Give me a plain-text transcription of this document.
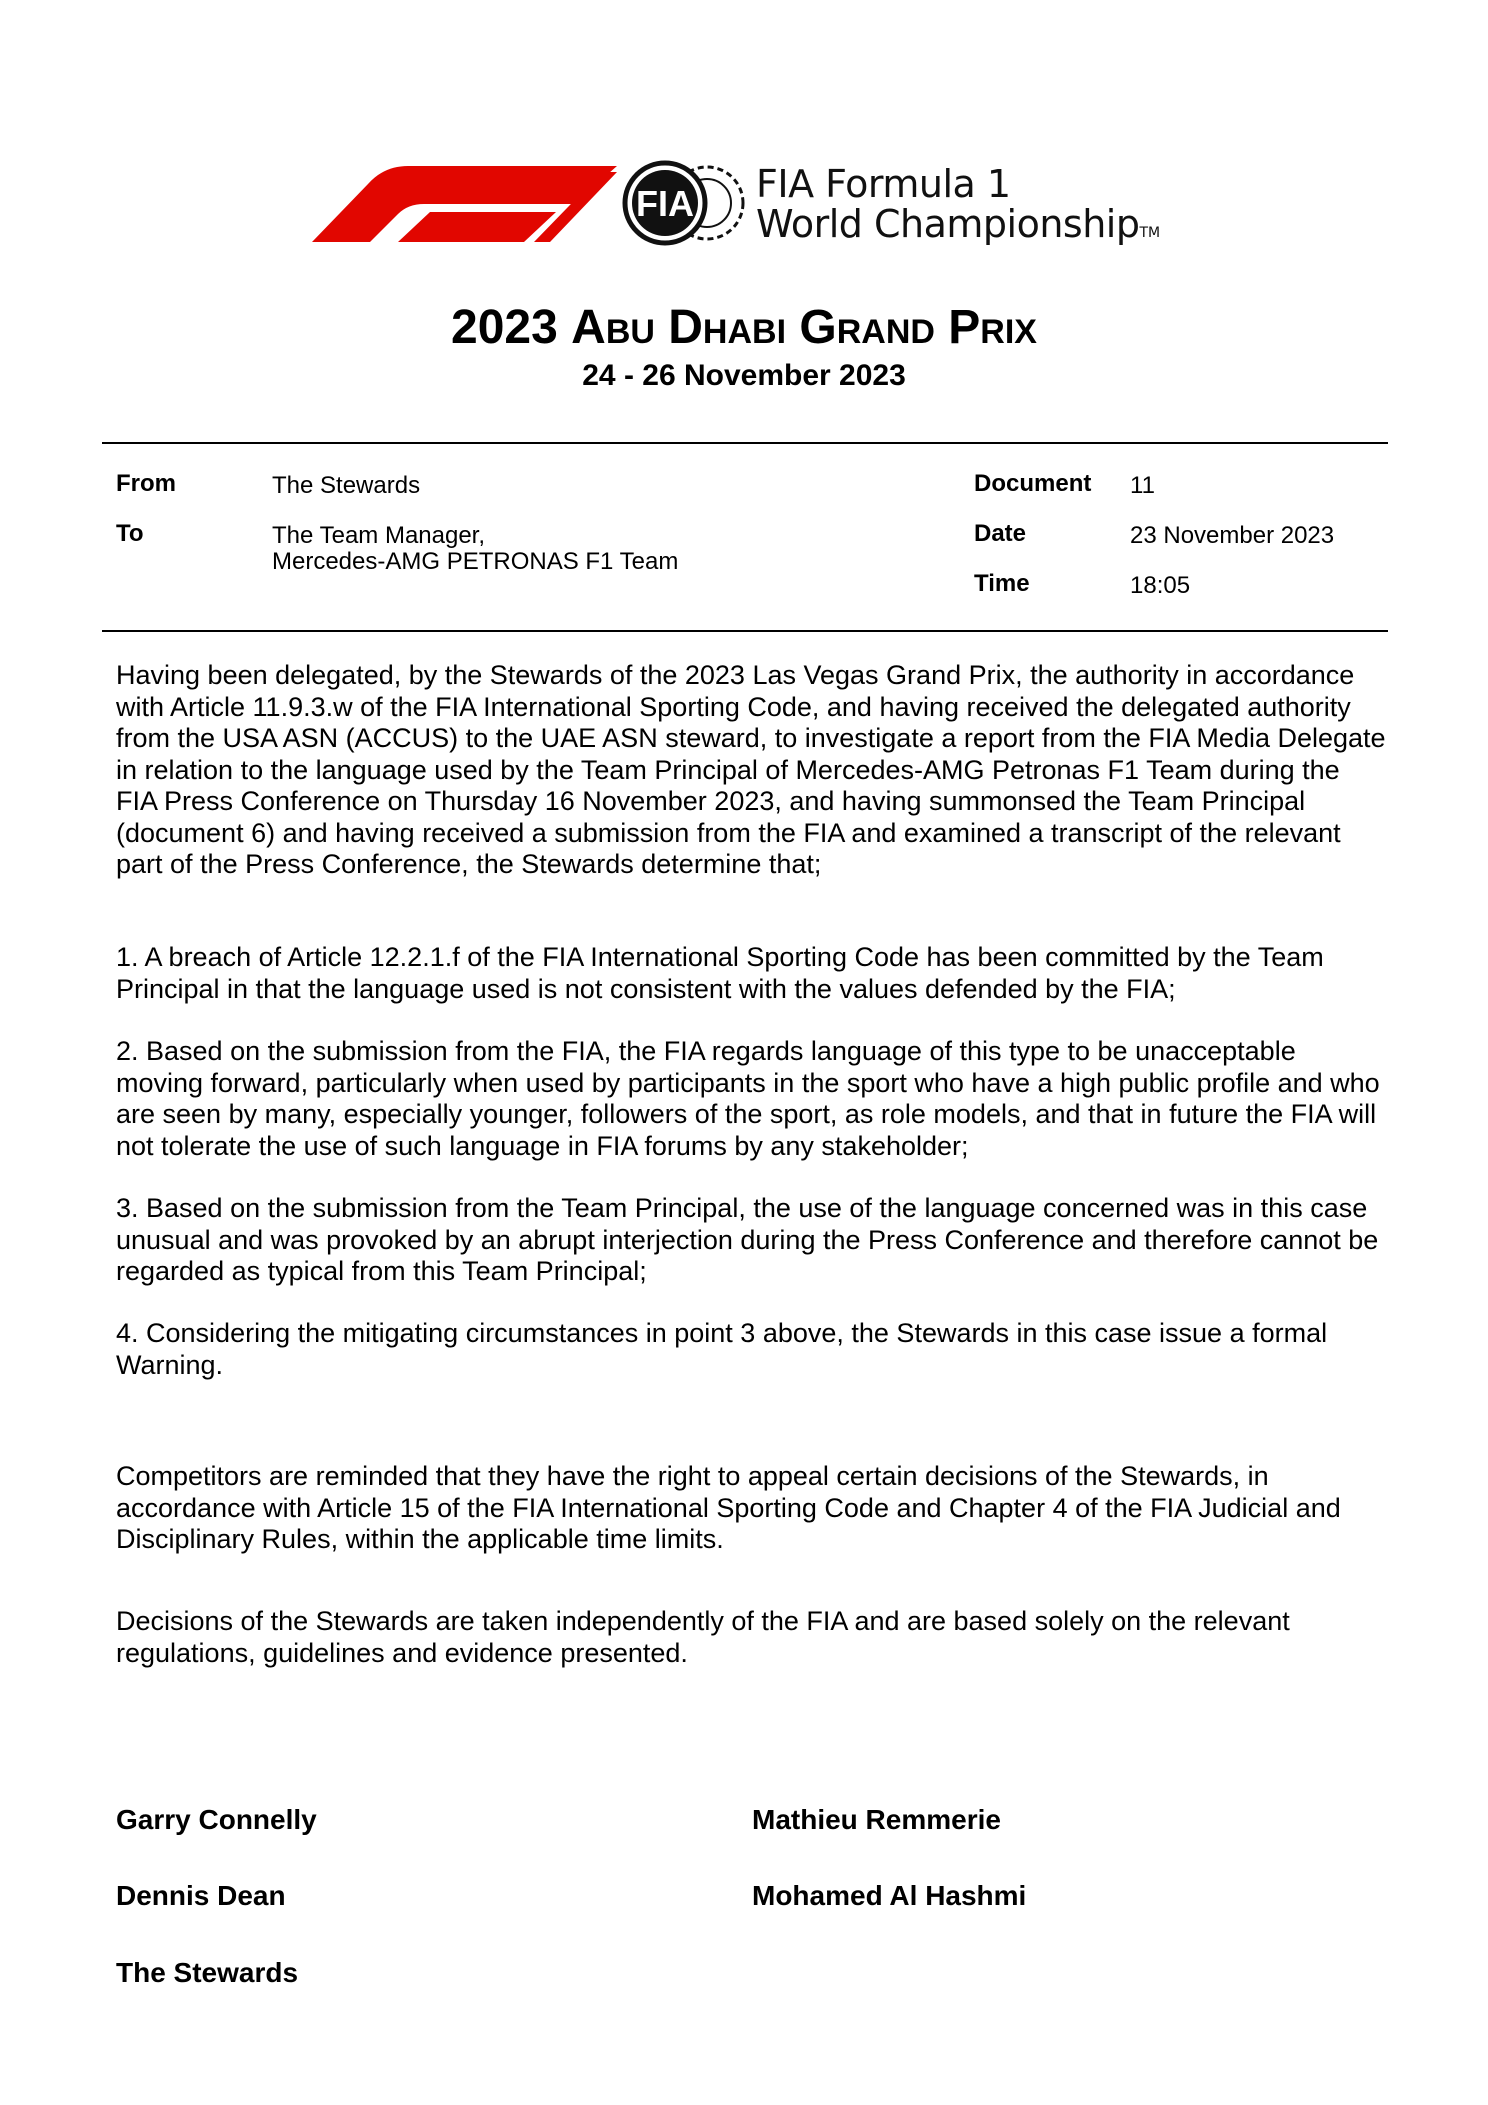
FIA FIA Formula 1
World ChampionshipTM
2023 Abu Dhabi Grand Prix
24 - 26 November 2023
From	The Stewards
To	The Team Manager,
Mercedes-AMG PETRONAS F1 Team
Document 11
Date	23 November 2023
Time	18:05

Having been delegated, by the Stewards of the 2023 Las Vegas Grand Prix, the authority in accordance with Article 11.9.3.w of the FIA International Sporting Code, and having received the delegated authority from the USA ASN (ACCUS) to the UAE ASN steward, to investigate a report from the FIA Media Delegate in relation to the language used by the Team Principal of Mercedes-AMG Petronas F1 Team during the FIA Press Conference on Thursday 16 November 2023, and having summonsed the Team Principal (document 6) and having received a submission from the FIA and examined a transcript of the relevant part of the Press Conference, the Stewards determine that;

1. A breach of Article 12.2.1.f of the FIA International Sporting Code has been committed by the Team Principal in that the language used is not consistent with the values defended by the FIA;

2. Based on the submission from the FIA, the FIA regards language of this type to be unacceptable moving forward, particularly when used by participants in the sport who have a high public profile and who are seen by many, especially younger, followers of the sport, as role models, and that in future the FIA will not tolerate the use of such language in FIA forums by any stakeholder;

3. Based on the submission from the Team Principal, the use of the language concerned was in this case unusual and was provoked by an abrupt interjection during the Press Conference and therefore cannot be regarded as typical from this Team Principal;

4. Considering the mitigating circumstances in point 3 above, the Stewards in this case issue a formal Warning.

Competitors are reminded that they have the right to appeal certain decisions of the Stewards, in accordance with Article 15 of the FIA International Sporting Code and Chapter 4 of the FIA Judicial and Disciplinary Rules, within the applicable time limits.

Decisions of the Stewards are taken independently of the FIA and are based solely on the relevant regulations, guidelines and evidence presented.

Garry Connelly	Mathieu Remmerie
Dennis Dean	Mohamed Al Hashmi
The Stewards
